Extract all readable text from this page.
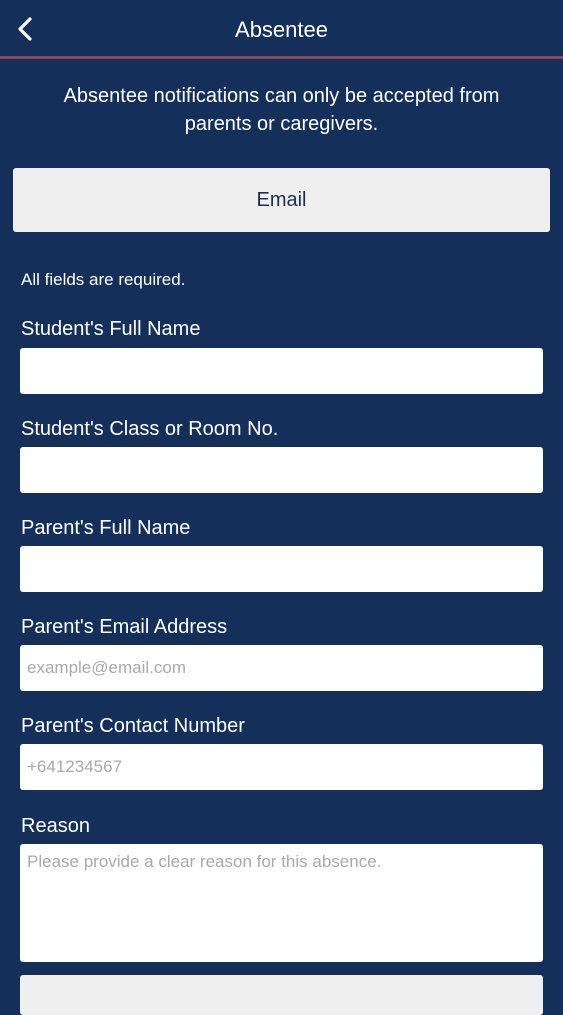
Absentee
Absentee notifications can only be accepted from parents or caregivers.
Email
All fields are required.
Student's Full Name
Student's Class or Room No.
Parent's Full Name
Parent's Email Address
example@email.com
Parent's Contact Number
+641234567
Reason
Please provide a clear reason for this absence.
